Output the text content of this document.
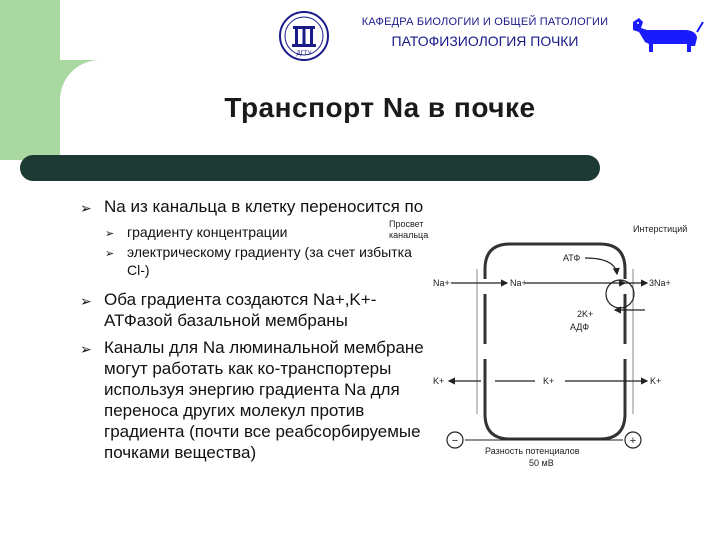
ДГТУ
КАФЕДРА БИОЛОГИИ И ОБЩЕЙ ПАТОЛОГИИ
ПАТОФИЗИОЛОГИЯ ПОЧКИ
Транспорт Na в почке
➢ Na из канальца в клетку переносится по
➢ градиенту концентрации
➢ электрическому градиенту (за счет избытка Cl-)
➢ Оба градиента создаются Na+,K+-АТФазой базальной мембраны
➢ Каналы для Na люминальной мембране могут работать как ко-транспортеры используя энергию градиента Na для переноса других молекул против градиента (почти все реабсорбируемые почками вещества)
Просвет
канальца
Интерстиций
Na+	Na+
АТФ
3Na+
2K+
АДФ
K+	K+	K+
−	+
Разность потенциалов
50 мВ
